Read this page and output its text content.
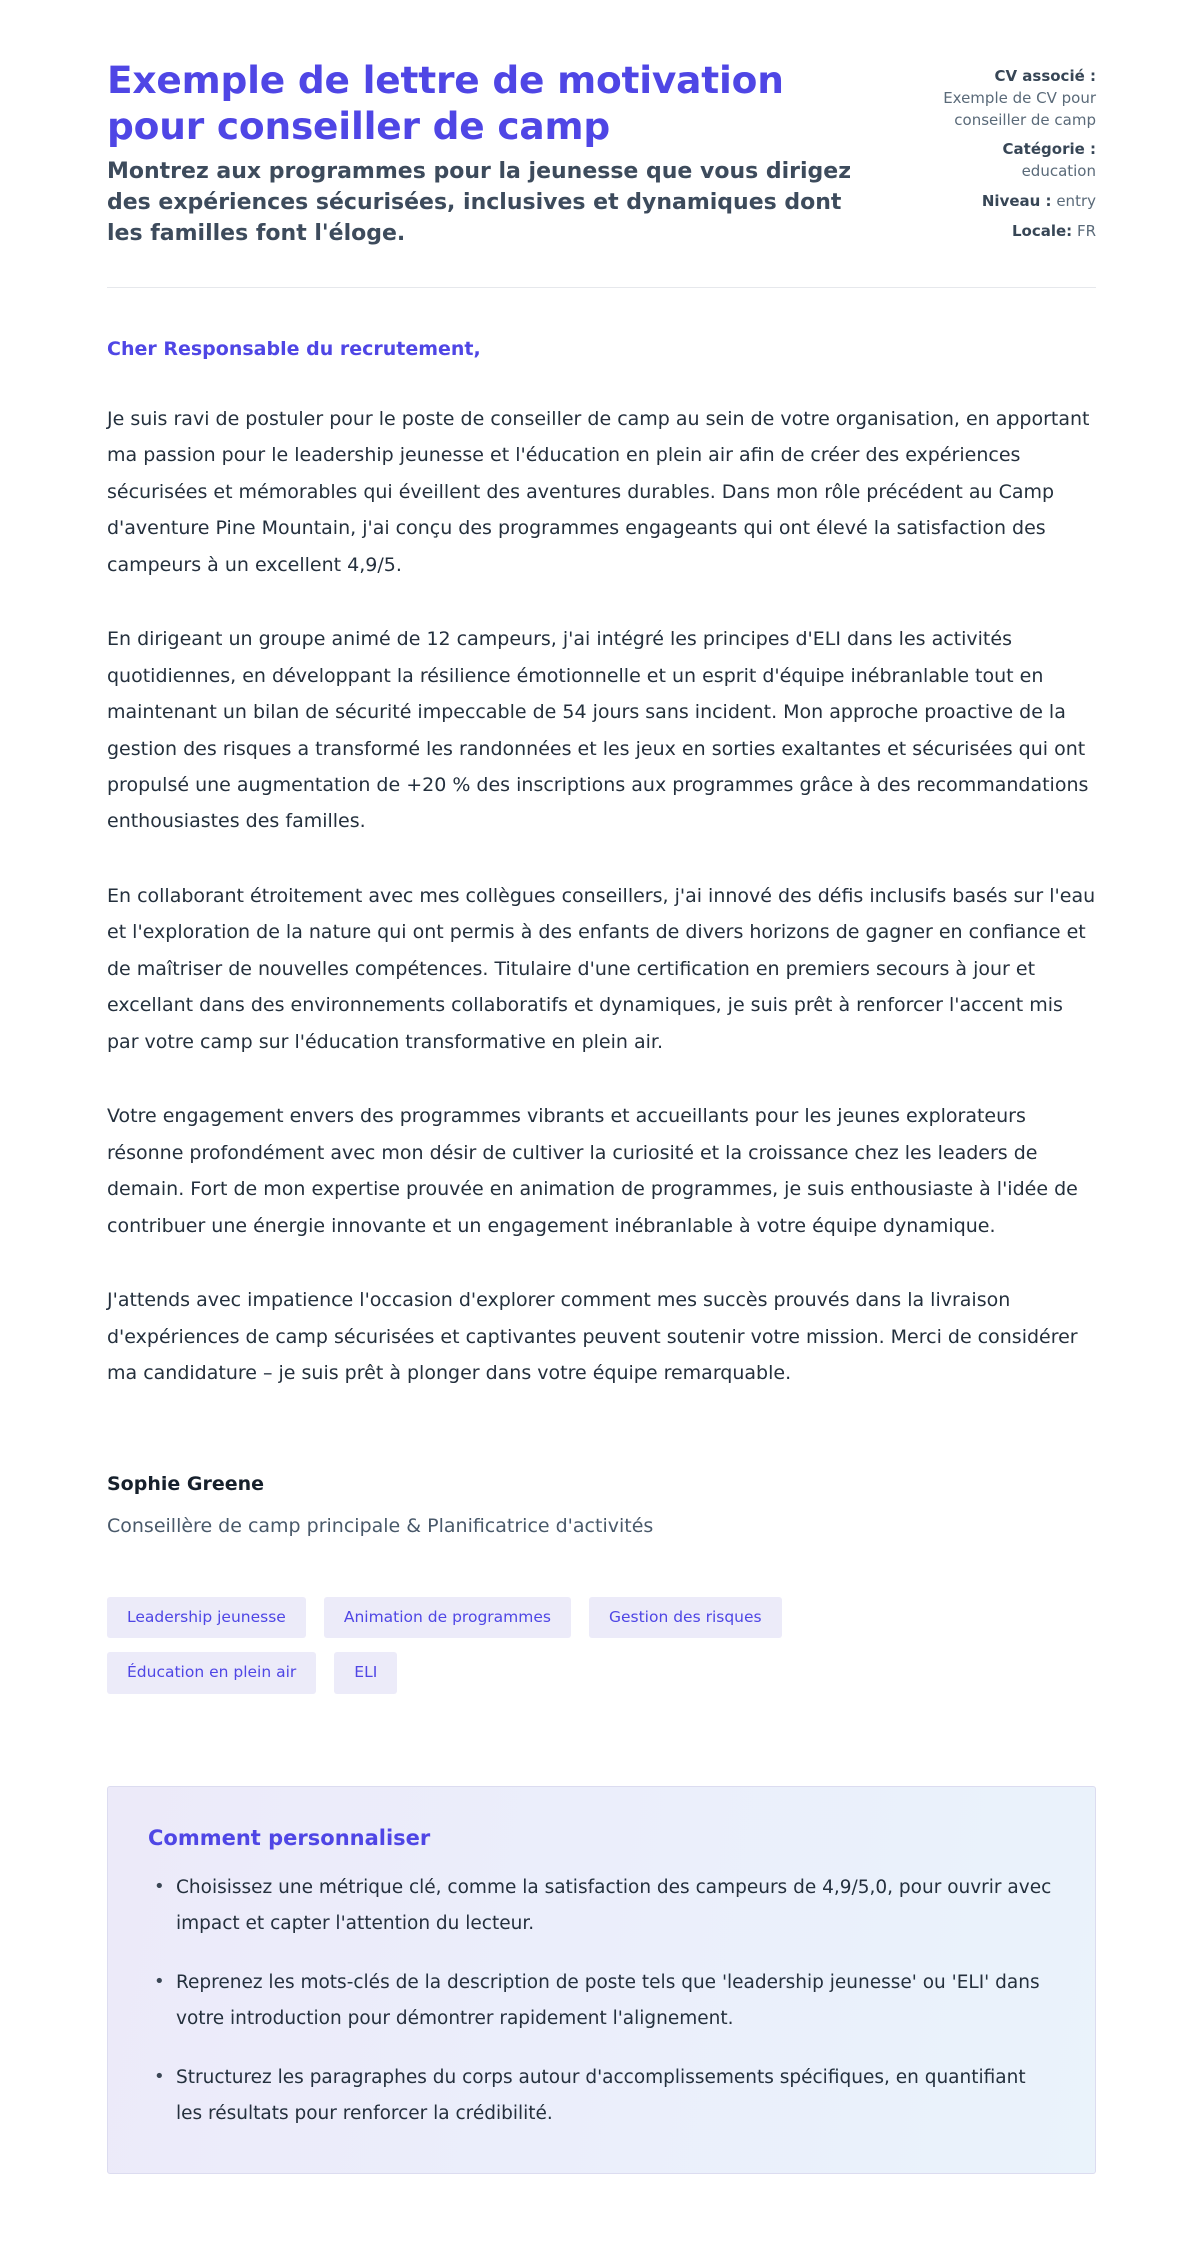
Exemple de lettre de motivation pour conseiller de camp

Montrez aux programmes pour la jeunesse que vous dirigez des expériences sécurisées, inclusives et dynamiques dont les familles font l'éloge.

CV associé :
Exemple de CV pour conseiller de camp
Catégorie :
education
Niveau : entry
Locale: FR

Cher Responsable du recrutement,

Je suis ravi de postuler pour le poste de conseiller de camp au sein de votre organisation, en apportant ma passion pour le leadership jeunesse et l'éducation en plein air afin de créer des expériences sécurisées et mémorables qui éveillent des aventures durables. Dans mon rôle précédent au Camp d'aventure Pine Mountain, j'ai conçu des programmes engageants qui ont élevé la satisfaction des campeurs à un excellent 4,9/5.

En dirigeant un groupe animé de 12 campeurs, j'ai intégré les principes d'ELI dans les activités quotidiennes, en développant la résilience émotionnelle et un esprit d'équipe inébranlable tout en maintenant un bilan de sécurité impeccable de 54 jours sans incident. Mon approche proactive de la gestion des risques a transformé les randonnées et les jeux en sorties exaltantes et sécurisées qui ont propulsé une augmentation de +20 % des inscriptions aux programmes grâce à des recommandations enthousiastes des familles.

En collaborant étroitement avec mes collègues conseillers, j'ai innové des défis inclusifs basés sur l'eau et l'exploration de la nature qui ont permis à des enfants de divers horizons de gagner en confiance et de maîtriser de nouvelles compétences. Titulaire d'une certification en premiers secours à jour et excellant dans des environnements collaboratifs et dynamiques, je suis prêt à renforcer l'accent mis par votre camp sur l'éducation transformative en plein air.

Votre engagement envers des programmes vibrants et accueillants pour les jeunes explorateurs résonne profondément avec mon désir de cultiver la curiosité et la croissance chez les leaders de demain. Fort de mon expertise prouvée en animation de programmes, je suis enthousiaste à l'idée de contribuer une énergie innovante et un engagement inébranlable à votre équipe dynamique.

J'attends avec impatience l'occasion d'explorer comment mes succès prouvés dans la livraison d'expériences de camp sécurisées et captivantes peuvent soutenir votre mission. Merci de considérer ma candidature – je suis prêt à plonger dans votre équipe remarquable.

Sophie Greene

Conseillère de camp principale & Planificatrice d'activités

Leadership jeunesse	Animation de programmes	Gestion des risques
Éducation en plein air	ELI
Comment personnaliser
• Choisissez une métrique clé, comme la satisfaction des campeurs de 4,9/5,0, pour ouvrir avec impact et capter l'attention du lecteur.
• Reprenez les mots-clés de la description de poste tels que 'leadership jeunesse' ou 'ELI' dans votre introduction pour démontrer rapidement l'alignement.
• Structurez les paragraphes du corps autour d'accomplissements spécifiques, en quantifiant les résultats pour renforcer la crédibilité.
